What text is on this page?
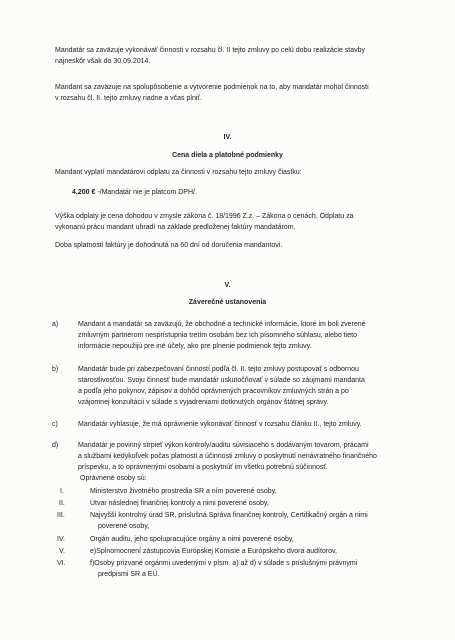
Mandatár sa zaväzuje vykonávať činnosti v rozsahu čl. II tejto zmluvy po celú dobu realizácie stavby
najneskôr však do 30.09.2014.
Mandant sa zaväzuje na spolupôsobenie a vytvorenie podmienok na to, aby mandatár mohol činnosti
v rozsahu čl. II. tejto zmluvy riadne a včas plniť.
IV.
Cena diela a platobné podmienky
Mandant vyplatí mandatárovi odplatu za činnosti v rozsahu tejto zmluvy čiastku:
4,200 € -/Mandatár nie je platcom DPH/.
Výška odplaty je cena dohodou v zmysle zákona č. 18/1996 Z.z. – Zákona o cenách. Odplatu za
vykonanú prácu mandant uhradí na základe predloženej faktúry mandatárom.
Doba splatnosti faktúry je dohodnutá na 60 dní od doručenia mandantovi.
V.
Záverečné ustanovenia
a)	Mandant a mandatár sa zaväzujú, že obchodné a technické informácie, ktoré im boli zverené
zmluvným partnerom nesprístupnia tretím osobám bez ich písomného súhlasu, alebo tieto
informácie nepoužijú pre iné účely, ako pre plnenie podmienok tejto zmluvy.
b)	Mandatár bude pri zabezpečovaní činností podľa čl. II. tejto zmluvy postupovať s odbornou
starostlivosťou. Svoju činnosť bude mandatár uskutočňovať v súlade so záujmami mandanta
a podľa jeho pokynov, zápisov a dohôd oprávnených pracovníkov zmluvných strán a po
vzájomnej konzultácii v súlade s vyjadreniami dotknutých orgánov štátnej správy.
c)	Mandatár vyhlasuje, že má oprávnenie vykonávať činnosť v rozsahu článku II., tejto zmluvy.
d)	Mandatár je povinný strpieť výkon kontroly/auditu súvisiaceho s dodávaným tovarom, prácami
a službami kedykoľvek počas platnosti a účinnosti zmluvy o poskytnutí nenávratného finančného
príspevku, a to oprávnenými osobami a poskytnúť im všetku potrebnú súčinnosť.
Oprávnené osoby sú:
I.	Ministerstvo životného prostredia SR a ním poverené osoby,
II.	Útvar následnej finančnej kontroly a nimi poverené osoby,
III.	Najvyšší kontrolný úrad SR, príslušná Správa finančnej kontroly, Certifikačný orgán a nimi
poverené osoby,
IV.	Orgán auditu, jeho spolupracujúce orgány a nimi poverené osoby,
V.	e)Splnomocnení zástupcovia Európskej Komisie a Európskeho dvora audítorov,
VI.	f)Osoby prizvané orgánmi uvedenými v písm. a) až d) v súlade s príslušnými právnymi
predpismi SR a EÚ.
